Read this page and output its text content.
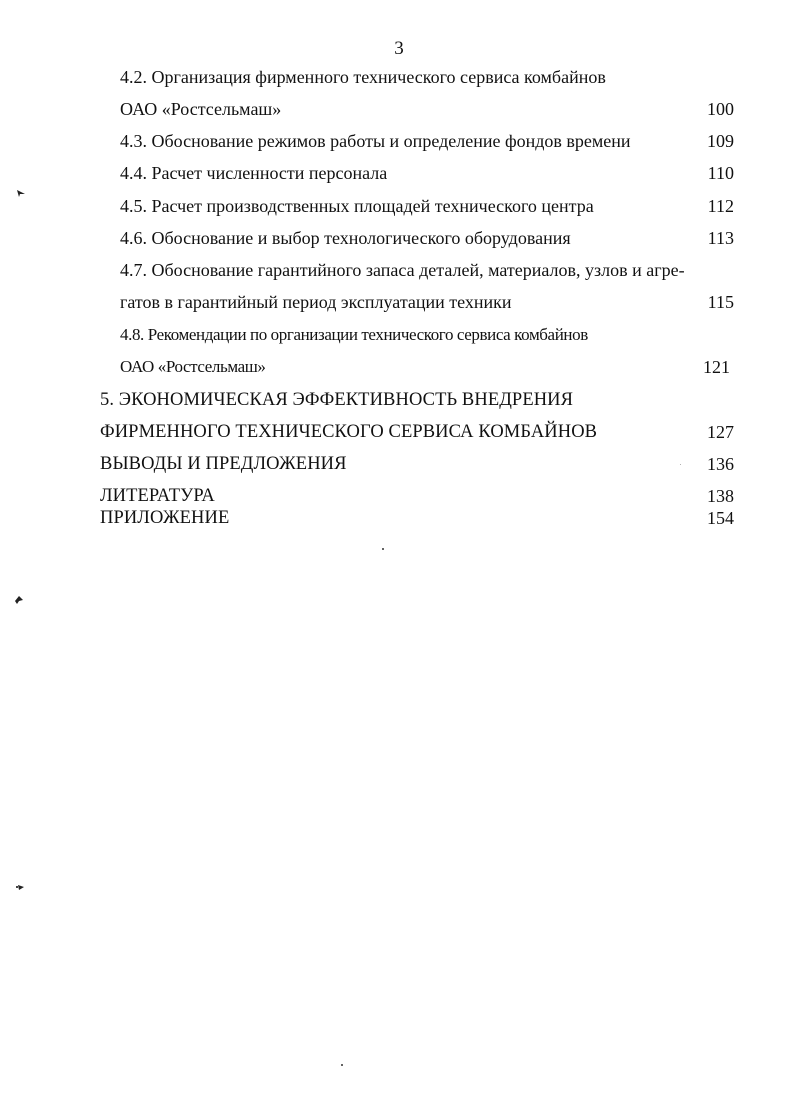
3
4.2. Организация фирменного технического сервиса комбайнов
ОАО «Ростсельмаш»	100
4.3. Обоснование режимов работы и определение фондов времени	109
4.4. Расчет численности персонала	110
4.5. Расчет производственных площадей технического центра	112
4.6. Обоснование и выбор технологического оборудования	113
4.7. Обоснование гарантийного запаса деталей, материалов, узлов и агре-
гатов в гарантийный период эксплуатации техники	115
4.8. Рекомендации по организации технического сервиса комбайнов
ОАО «Ростсельмаш»	121
5. ЭКОНОМИЧЕСКАЯ ЭФФЕКТИВНОСТЬ ВНЕДРЕНИЯ
ФИРМЕННОГО ТЕХНИЧЕСКОГО СЕРВИСА КОМБАЙНОВ	127
ВЫВОДЫ И ПРЕДЛОЖЕНИЯ	136
ЛИТЕРАТУРА	138
ПРИЛОЖЕНИЕ	154
